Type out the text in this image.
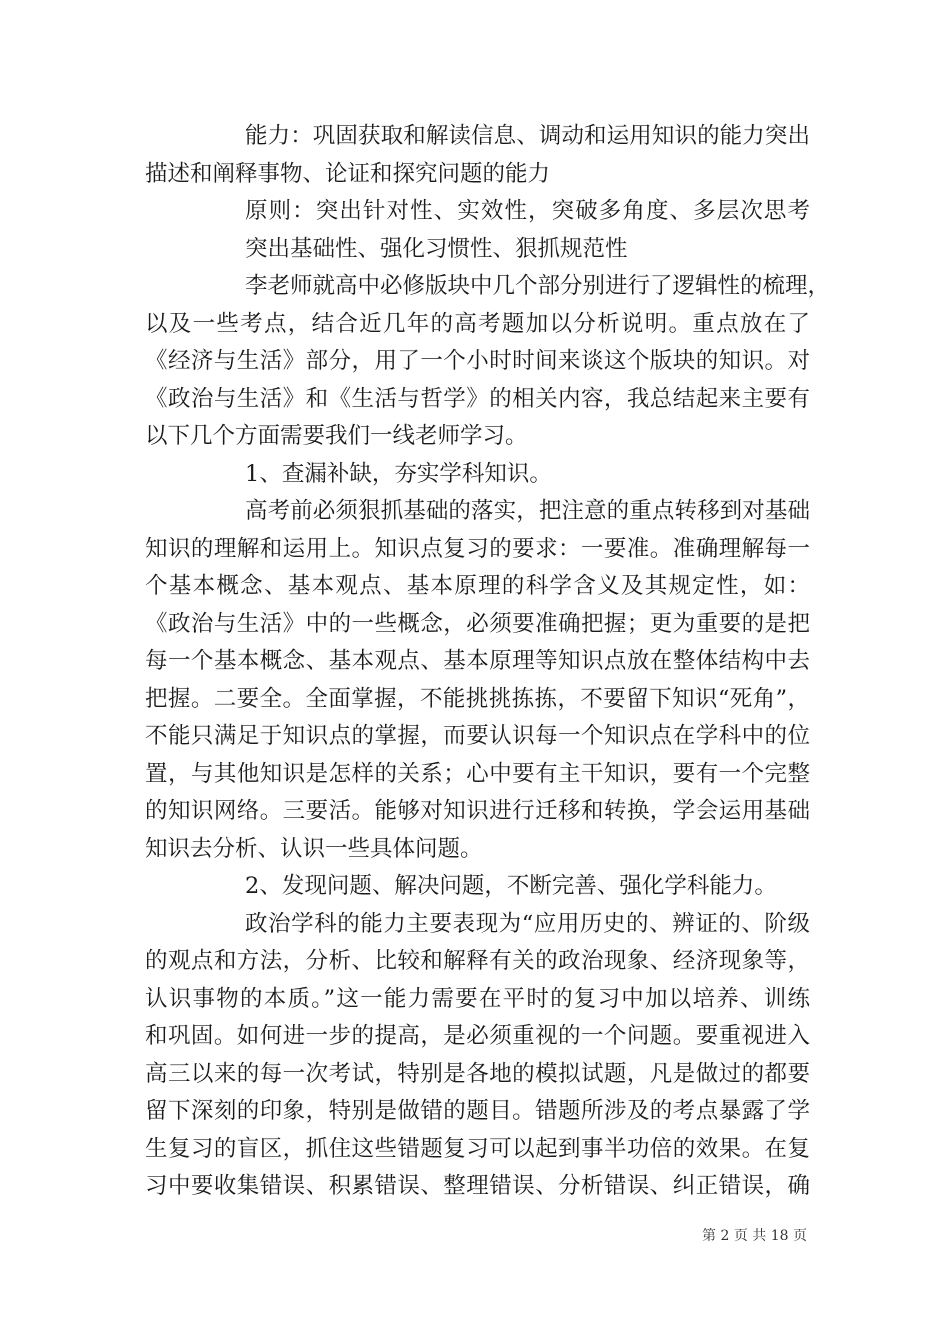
能力：巩固获取和解读信息、调动和运用知识的能力突出
描述和阐释事物、论证和探究问题的能力
原则：突出针对性、实效性，突破多角度、多层次思考
突出基础性、强化习惯性、狠抓规范性
李老师就高中必修版块中几个部分别进行了逻辑性的梳理，
以及一些考点，结合近几年的高考题加以分析说明。重点放在了
《经济与生活》部分，用了一个小时时间来谈这个版块的知识。对
《政治与生活》和《生活与哲学》的相关内容，我总结起来主要有
以下几个方面需要我们一线老师学习。
1、查漏补缺，夯实学科知识。
高考前必须狠抓基础的落实，把注意的重点转移到对基础
知识的理解和运用上。知识点复习的要求：一要准。准确理解每一
个基本概念、基本观点、基本原理的科学含义及其规定性，如：
《政治与生活》中的一些概念，必须要准确把握；更为重要的是把
每一个基本概念、基本观点、基本原理等知识点放在整体结构中去
把握。二要全。全面掌握，不能挑挑拣拣，不要留下知识“死角”，
不能只满足于知识点的掌握，而要认识每一个知识点在学科中的位
置，与其他知识是怎样的关系；心中要有主干知识，要有一个完整
的知识网络。三要活。能够对知识进行迁移和转换，学会运用基础
知识去分析、认识一些具体问题。
2、发现问题、解决问题，不断完善、强化学科能力。
政治学科的能力主要表现为“应用历史的、辨证的、阶级
的观点和方法，分析、比较和解释有关的政治现象、经济现象等，
认识事物的本质。”这一能力需要在平时的复习中加以培养、训练
和巩固。如何进一步的提高，是必须重视的一个问题。要重视进入
高三以来的每一次考试，特别是各地的模拟试题，凡是做过的都要
留下深刻的印象，特别是做错的题目。错题所涉及的考点暴露了学
生复习的盲区，抓住这些错题复习可以起到事半功倍的效果。在复
习中要收集错误、积累错误、整理错误、分析错误、纠正错误，确
第 2 页 共 18 页
